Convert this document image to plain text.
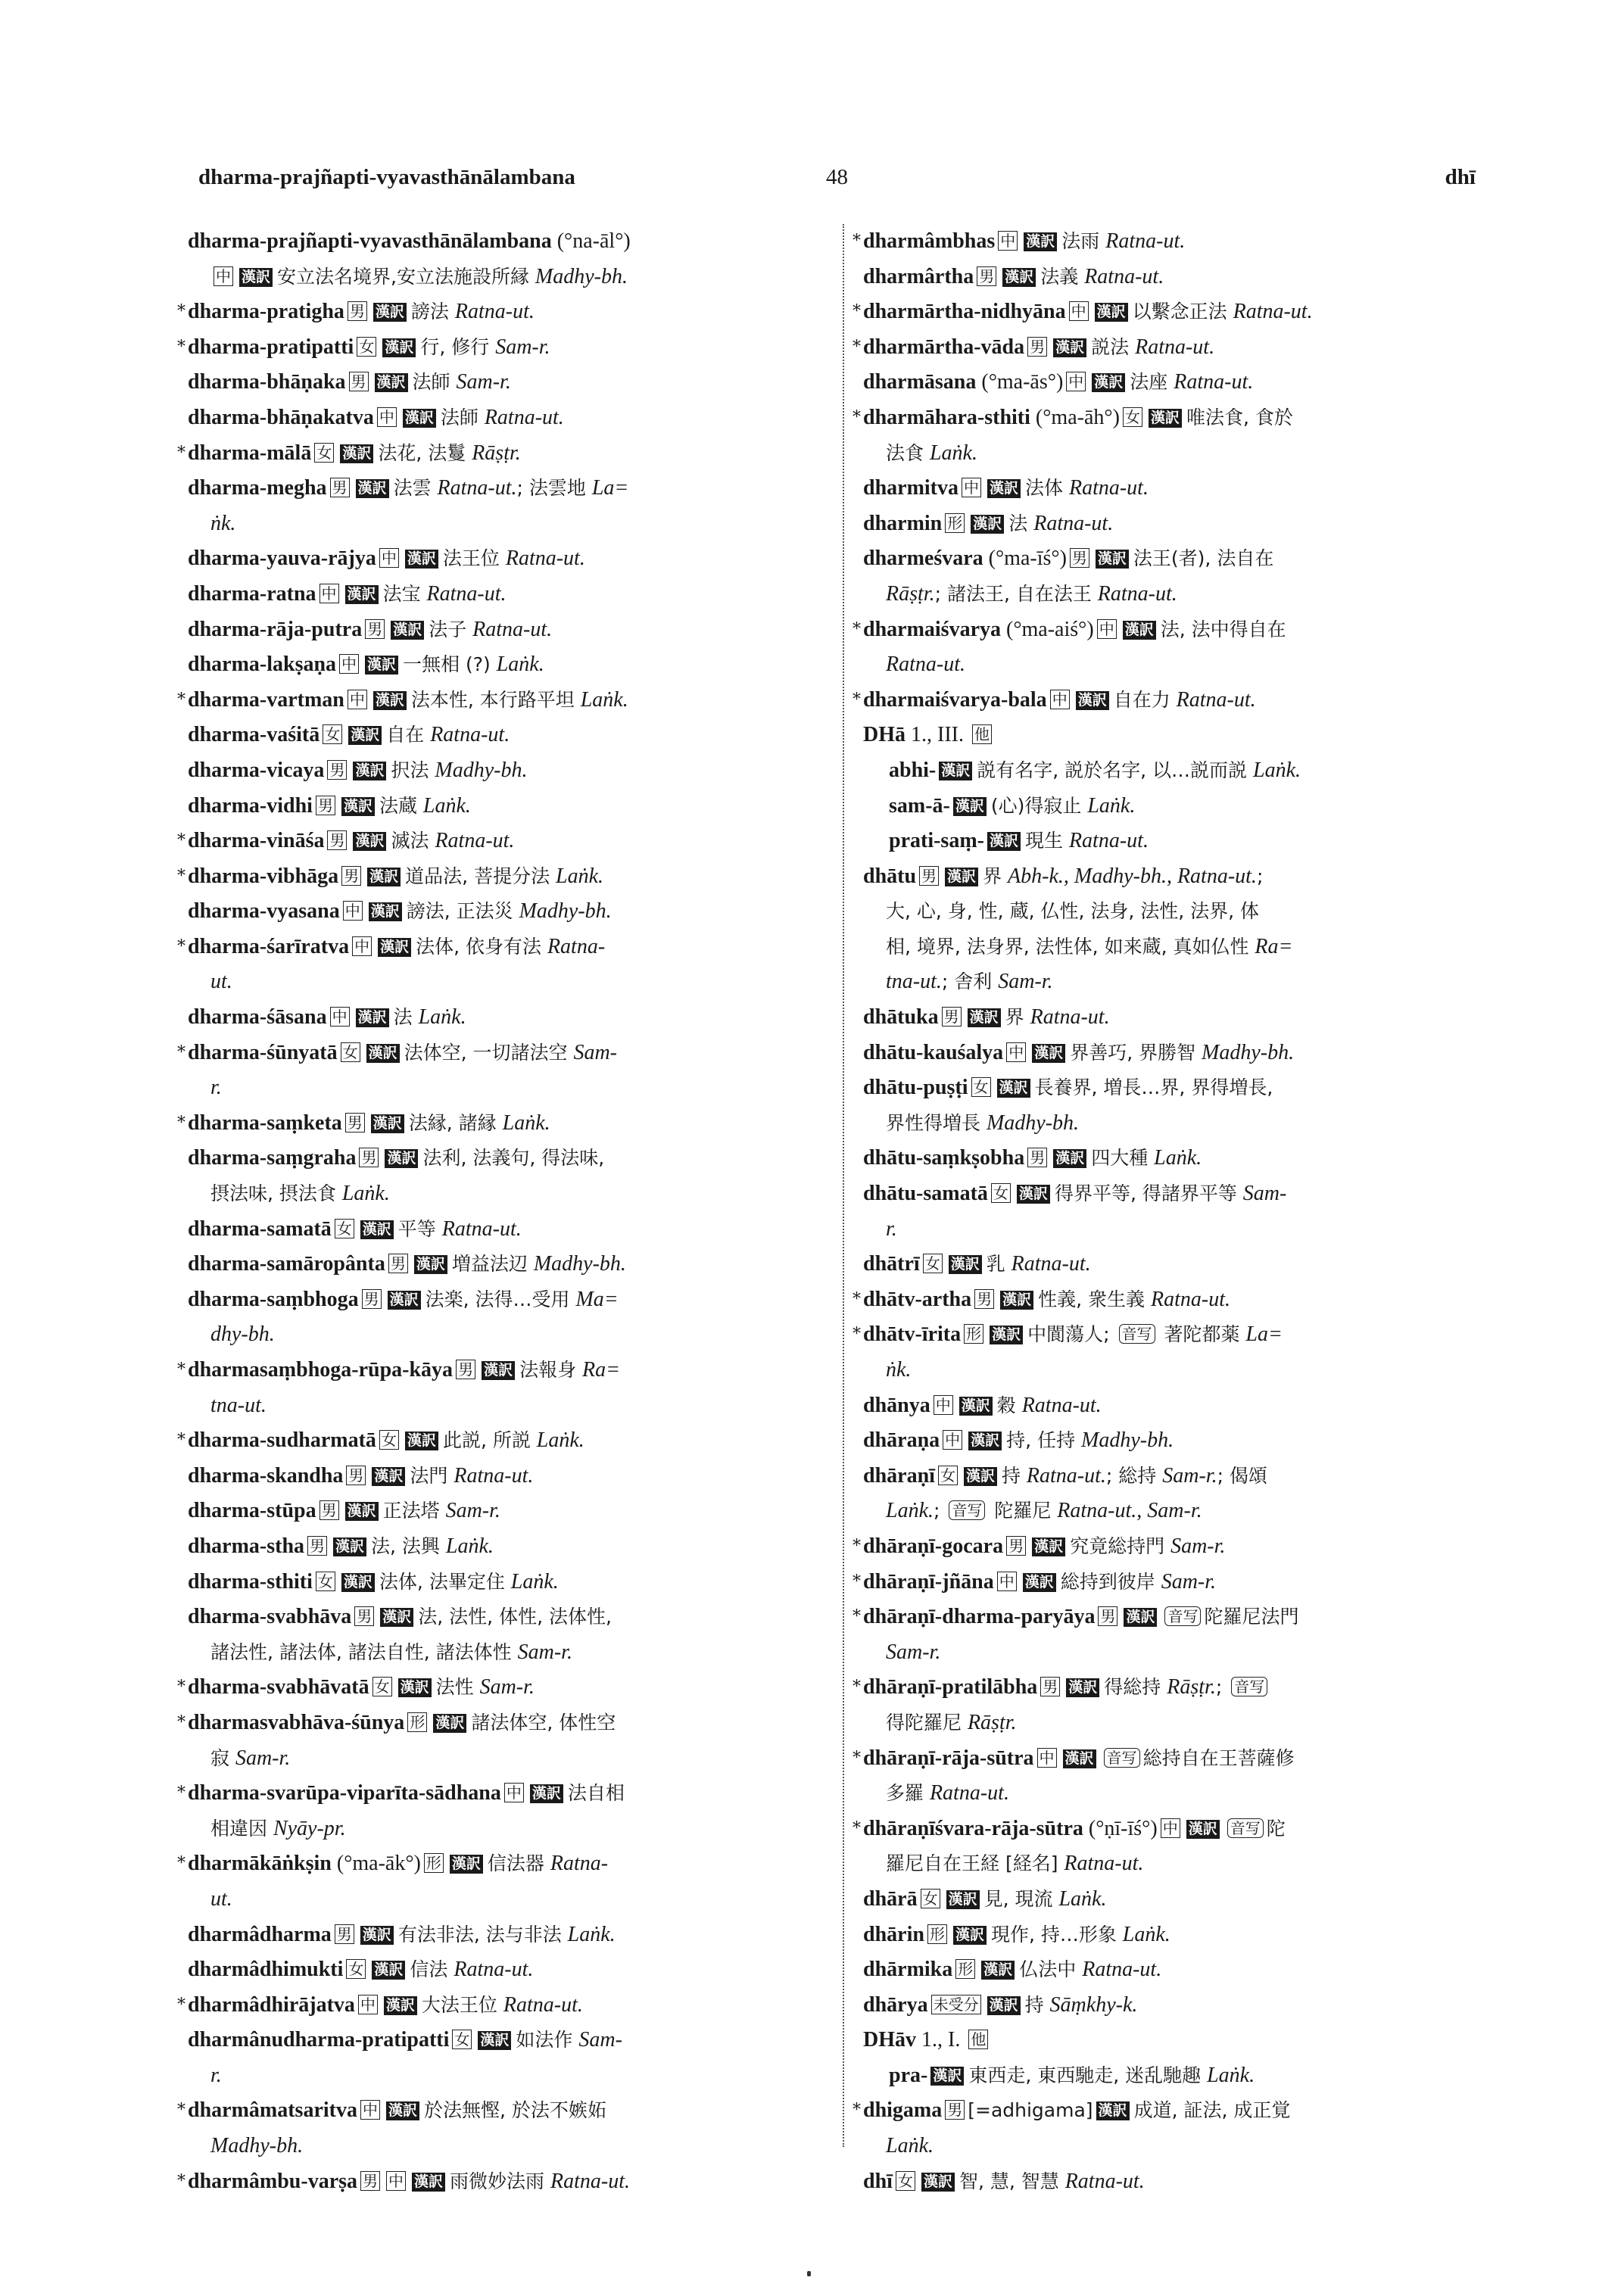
dharma-prajñapti-vyavasthānālambana	48	dhī
dharma-prajñapti-vyavasthānālambana (°na-āl°)
中 漢訳 安立法名境界,安立法施設所縁 Madhy-bh.
* dharma-pratigha 男 漢訳 謗法 Ratna-ut.
* dharma-pratipatti 女 漢訳 行, 修行 Sam-r.
dharma-bhāṇaka 男 漢訳 法師 Sam-r.
dharma-bhāṇakatva 中 漢訳 法師 Ratna-ut.
* dharma-mālā 女 漢訳 法花, 法鬘 Rāṣṭr.
dharma-megha 男 漢訳 法雲 Ratna-ut.; 法雲地 La=
ṅk.
dharma-yauva-rājya 中 漢訳 法王位 Ratna-ut.
dharma-ratna 中 漢訳 法宝 Ratna-ut.
dharma-rāja-putra 男 漢訳 法子 Ratna-ut.
dharma-lakṣaṇa 中 漢訳 一無相 (?) Laṅk.
* dharma-vartman 中 漢訳 法本性, 本行路平坦 Laṅk.
dharma-vaśitā 女 漢訳 自在 Ratna-ut.
dharma-vicaya 男 漢訳 択法 Madhy-bh.
dharma-vidhi 男 漢訳 法蔵 Laṅk.
* dharma-vināśa 男 漢訳 滅法 Ratna-ut.
* dharma-vibhāga 男 漢訳 道品法, 菩提分法 Laṅk.
dharma-vyasana 中 漢訳 謗法, 正法災 Madhy-bh.
* dharma-śarīratva 中 漢訳 法体, 依身有法 Ratna-
ut.
dharma-śāsana 中 漢訳 法 Laṅk.
* dharma-śūnyatā 女 漢訳 法体空, 一切諸法空 Sam-
r.
* dharma-saṃketa 男 漢訳 法縁, 諸縁 Laṅk.
dharma-saṃgraha 男 漢訳 法利, 法義句, 得法味,
摂法味, 摂法食 Laṅk.
dharma-samatā 女 漢訳 平等 Ratna-ut.
dharma-samāropânta 男 漢訳 増益法辺 Madhy-bh.
dharma-saṃbhoga 男 漢訳 法楽, 法得…受用 Ma=
dhy-bh.
* dharmasaṃbhoga-rūpa-kāya 男 漢訳 法報身 Ra=
tna-ut.
* dharma-sudharmatā 女 漢訳 此説, 所説 Laṅk.
dharma-skandha 男 漢訳 法門 Ratna-ut.
dharma-stūpa 男 漢訳 正法塔 Sam-r.
dharma-stha 男 漢訳 法, 法興 Laṅk.
dharma-sthiti 女 漢訳 法体, 法畢定住 Laṅk.
dharma-svabhāva 男 漢訳 法, 法性, 体性, 法体性,
諸法性, 諸法体, 諸法自性, 諸法体性 Sam-r.
* dharma-svabhāvatā 女 漢訳 法性 Sam-r.
* dharmasvabhāva-śūnya 形 漢訳 諸法体空, 体性空
寂 Sam-r.
* dharma-svarūpa-viparīta-sādhana 中 漢訳 法自相
相違因 Nyāy-pr.
* dharmākāṅkṣin (°ma-āk°) 形 漢訳 信法器 Ratna-
ut.
dharmâdharma 男 漢訳 有法非法, 法与非法 Laṅk.
dharmâdhimukti 女 漢訳 信法 Ratna-ut.
* dharmâdhirājatva 中 漢訳 大法王位 Ratna-ut.
dharmânudharma-pratipatti 女 漢訳 如法作 Sam-
r.
* dharmâmatsaritva 中 漢訳 於法無慳, 於法不嫉妬
Madhy-bh.
* dharmâmbu-varṣa 男 中 漢訳 雨微妙法雨 Ratna-ut.
* dharmâmbhas 中 漢訳 法雨 Ratna-ut.
dharmârtha 男 漢訳 法義 Ratna-ut.
* dharmārtha-nidhyāna 中 漢訳 以繫念正法 Ratna-ut.
* dharmārtha-vāda 男 漢訳 説法 Ratna-ut.
dharmāsana (°ma-ās°) 中 漢訳 法座 Ratna-ut.
* dharmāhara-sthiti (°ma-āh°) 女 漢訳 唯法食, 食於
法食 Laṅk.
dharmitva 中 漢訳 法体 Ratna-ut.
dharmin 形 漢訳 法 Ratna-ut.
dharmeśvara (°ma-īś°) 男 漢訳 法王(者), 法自在
Rāṣṭr.; 諸法王, 自在法王 Ratna-ut.
* dharmaiśvarya (°ma-aiś°) 中 漢訳 法, 法中得自在
Ratna-ut.
* dharmaiśvarya-bala 中 漢訳 自在力 Ratna-ut.
DHā 1., III. 他
abhi- 漢訳 説有名字, 説於名字, 以…説而説 Laṅk.
sam-ā- 漢訳 (心)得寂止 Laṅk.
prati-saṃ- 漢訳 現生 Ratna-ut.
dhātu 男 漢訳 界 Abh-k., Madhy-bh., Ratna-ut.;
大, 心, 身, 性, 蔵, 仏性, 法身, 法性, 法界, 体
相, 境界, 法身界, 法性体, 如来蔵, 真如仏性 Ra=
tna-ut.; 舎利 Sam-r.
dhātuka 男 漢訳 界 Ratna-ut.
dhātu-kauśalya 中 漢訳 界善巧, 界勝智 Madhy-bh.
dhātu-puṣṭi 女 漢訳 長養界, 増長…界, 界得増長,
界性得増長 Madhy-bh.
dhātu-saṃkṣobha 男 漢訳 四大種 Laṅk.
dhātu-samatā 女 漢訳 得界平等, 得諸界平等 Sam-
r.
dhātrī 女 漢訳 乳 Ratna-ut.
* dhātv-artha 男 漢訳 性義, 衆生義 Ratna-ut.
* dhātv-īrita 形 漢訳 中閬蕩人; 音写 著陀都薬 La=
ṅk.
dhānya 中 漢訳 穀 Ratna-ut.
dhāraṇa 中 漢訳 持, 任持 Madhy-bh.
dhāraṇī 女 漢訳 持 Ratna-ut.; 総持 Sam-r.; 偈頌
Laṅk.; 音写 陀羅尼 Ratna-ut., Sam-r.
* dhāraṇī-gocara 男 漢訳 究竟総持門 Sam-r.
* dhāraṇī-jñāna 中 漢訳 総持到彼岸 Sam-r.
* dhāraṇī-dharma-paryāya 男 漢訳 音写 陀羅尼法門
Sam-r.
* dhāraṇī-pratilābha 男 漢訳 得総持 Rāṣṭr.; 音写
得陀羅尼 Rāṣṭr.
* dhāraṇī-rāja-sūtra 中 漢訳 音写 総持自在王菩薩修
多羅 Ratna-ut.
* dhāraṇīśvara-rāja-sūtra (°ṇī-īś°) 中 漢訳 音写 陀
羅尼自在王経 [経名] Ratna-ut.
dhārā 女 漢訳 見, 現流 Laṅk.
dhārin 形 漢訳 現作, 持…形象 Laṅk.
dhārmika 形 漢訳 仏法中 Ratna-ut.
dhārya 未受分 漢訳 持 Sāṃkhy-k.
DHāv 1., I. 他
pra- 漢訳 東西走, 東西馳走, 迷乱馳趣 Laṅk.
* dhigama 男 [=adhigama] 漢訳 成道, 証法, 成正覚
Laṅk.
dhī 女 漢訳 智, 慧, 智慧 Ratna-ut.
